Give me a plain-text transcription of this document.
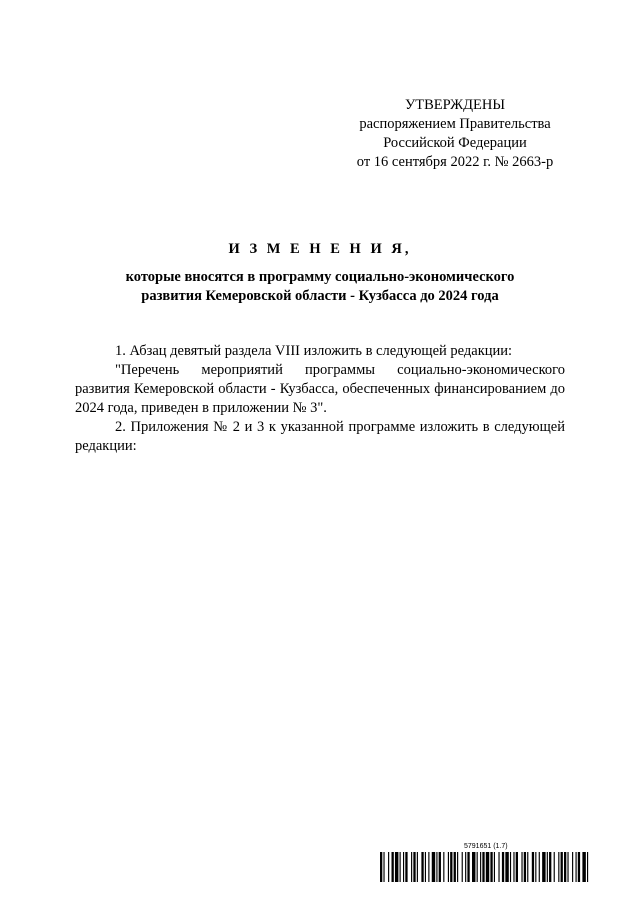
УТВЕРЖДЕНЫ
распоряжением Правительства
Российской Федерации
от 16 сентября 2022 г. № 2663-р
И З М Е Н Е Н И Я,
которые вносятся в программу социально-экономического
развития Кемеровской области - Кузбасса до 2024 года

1. Абзац девятый раздела VIII изложить в следующей редакции:

"Перечень мероприятий программы социально-экономического развития Кемеровской области - Кузбасса, обеспеченных финансированием до 2024 года, приведен в приложении № 3".

2. Приложения № 2 и 3 к указанной программе изложить в следующей редакции:

5791651 (1.7)
